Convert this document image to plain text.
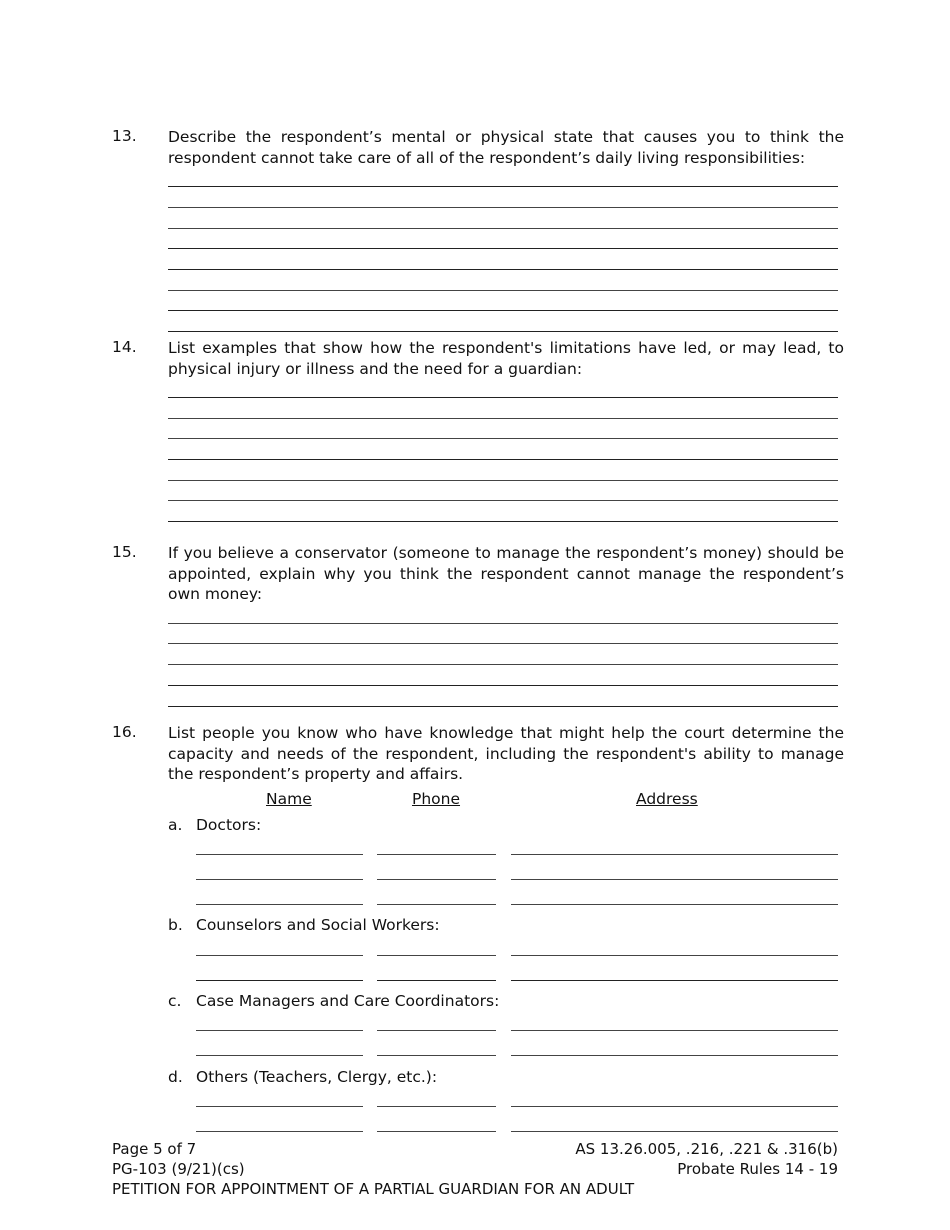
13. Describe the respondent’s mental or physical state that causes you to think the respondent cannot take care of all of the respondent’s daily living responsibilities:
14. List examples that show how the respondent's limitations have led, or may lead, to physical injury or illness and the need for a guardian:
15. If you believe a conservator (someone to manage the respondent’s money) should be appointed, explain why you think the respondent cannot manage the respondent’s own money:
16. List people you know who have knowledge that might help the court determine the capacity and needs of the respondent, including the respondent's ability to manage the respondent’s property and affairs.
Name	Phone	Address
a. Doctors:
b. Counselors and Social Workers:
c. Case Managers and Care Coordinators:
d. Others (Teachers, Clergy, etc.):
Page 5 of 7
PG-103 (9/21)(cs)
PETITION FOR APPOINTMENT OF A PARTIAL GUARDIAN FOR AN ADULT
AS 13.26.005, .216, .221 & .316(b)
Probate Rules 14 - 19
